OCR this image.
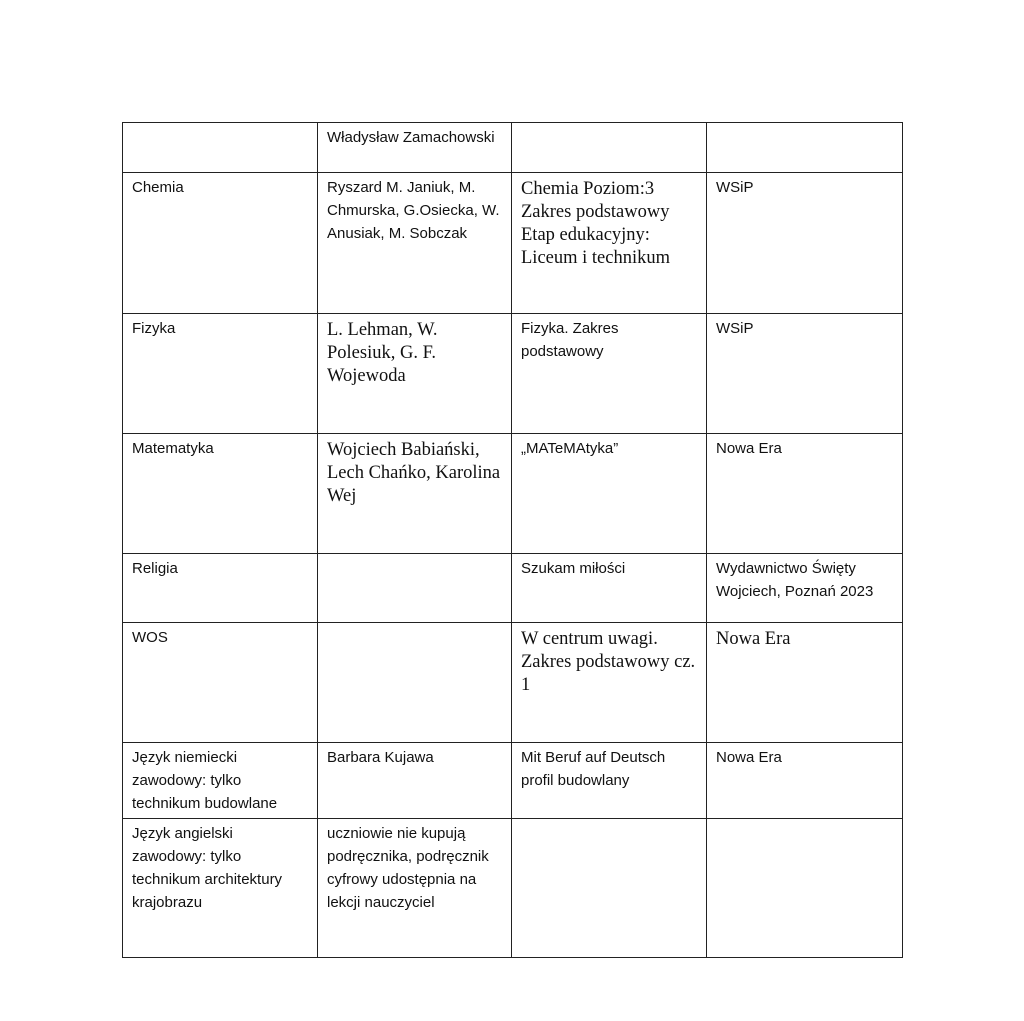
	Władysław Zamachowski		
Chemia	Ryszard M. Janiuk, M. Chmurska, G.Osiecka, W. Anusiak, M. Sobczak	Chemia Poziom:3 Zakres podstawowy Etap edukacyjny: Liceum i technikum	WSiP
Fizyka	L. Lehman, W. Polesiuk, G. F. Wojewoda	Fizyka. Zakres podstawowy	WSiP
Matematyka	Wojciech Babiański, Lech Chańko, Karolina Wej	„MATeMAtyka”	Nowa Era
Religia		Szukam miłości	Wydawnictwo Święty Wojciech, Poznań 2023
WOS		W centrum uwagi. Zakres podstawowy cz. 1	Nowa Era
Język niemiecki zawodowy: tylko technikum budowlane	Barbara Kujawa	Mit Beruf auf Deutsch profil budowlany	Nowa Era
Język angielski zawodowy: tylko technikum architektury krajobrazu	uczniowie nie kupują podręcznika, podręcznik cyfrowy udostępnia na lekcji nauczyciel		
